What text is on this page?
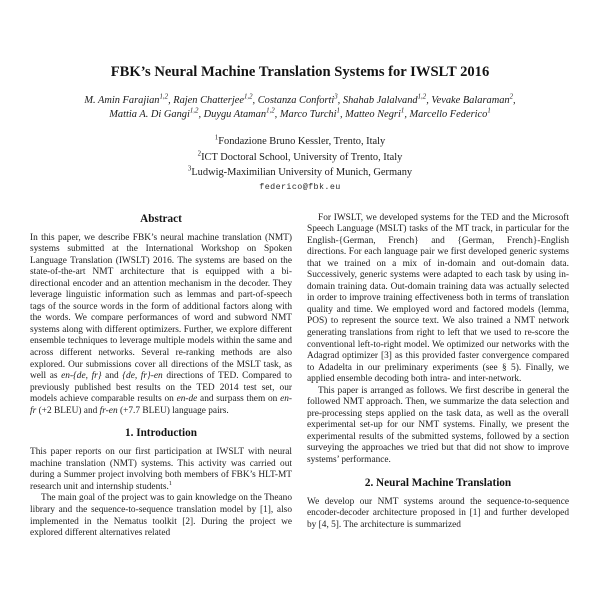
FBK’s Neural Machine Translation Systems for IWSLT 2016

M. Amin Farajian$^{1,2}$, Rajen Chatterjee$^{1,2}$, Costanza Conforti$^3$, Shahab Jalalvand$^{1,2}$, Vevake Balaraman$^2$,

Mattia A. Di Gangi$^{1,2}$, Duygu Ataman$^{1,2}$, Marco Turchi$^1$, Matteo Negri$^1$, Marcello Federico$^1$

$^1$Fondazione Bruno Kessler, Trento, Italy

$^2$ICT Doctoral School, University of Trento, Italy

$^3$Ludwig-Maximilian University of Munich, Germany

federico@fbk.eu

Abstract

In this paper, we describe FBK’s neural machine translation (NMT) systems submitted at the International Workshop on Spoken Language Translation (IWSLT) 2016. The systems are based on the state-of-the-art NMT architecture that is equipped with a bi-directional encoder and an attention mechanism in the decoder. They leverage linguistic information such as lemmas and part-of-speech tags of the source words in the form of additional factors along with the words. We compare performances of word and subword NMT systems along with different optimizers. Further, we explore different ensemble techniques to leverage multiple models within the same and across different networks. Several re-ranking methods are also explored. Our submissions cover all directions of the MSLT task, as well as en-{de, fr} and {de, fr}-en directions of TED. Compared to previously published best results on the TED 2014 test set, our models achieve comparable results on en-de and surpass them on en-fr (+2 BLEU) and fr-en (+7.7 BLEU) language pairs.

1. Introduction

This paper reports on our first participation at IWSLT with neural machine translation (NMT) systems. This activity was carried out during a Summer project involving both members of FBK’s HLT-MT research unit and internship students.$^1$

The main goal of the project was to gain knowledge on the Theano library and the sequence-to-sequence translation model by [1], also implemented in the Nematus toolkit [2]. During the project we explored different alternatives related

For IWSLT, we developed systems for the TED and the Microsoft Speech Language (MSLT) tasks of the MT track, in particular for the English-{German, French} and {German, French}-English directions. For each language pair we first developed generic systems that we trained on a mix of in-domain and out-domain data. Successively, generic systems were adapted to each task by using in-domain training data. Out-domain training data was actually selected in order to improve training effectiveness both in terms of translation quality and time. We employed word and factored models (lemma, POS) to represent the source text. We also trained a NMT network generating translations from right to left that we used to re-score the conventional left-to-right model. We optimized our networks with the Adagrad optimizer [3] as this provided faster convergence compared to Adadelta in our preliminary experiments (see § 5). Finally, we applied ensemble decoding both intra- and inter-network.

This paper is arranged as follows. We first describe in general the followed NMT approach. Then, we summarize the data selection and pre-processing steps applied on the task data, as well as the overall experimental set-up for our NMT systems. Finally, we present the experimental results of the submitted systems, followed by a section surveying the approaches we tried but that did not show to improve systems’ performance.

2. Neural Machine Translation

We develop our NMT systems around the sequence-to-sequence encoder-decoder architecture proposed in [1] and further developed by [4, 5]. The architecture is summarized
